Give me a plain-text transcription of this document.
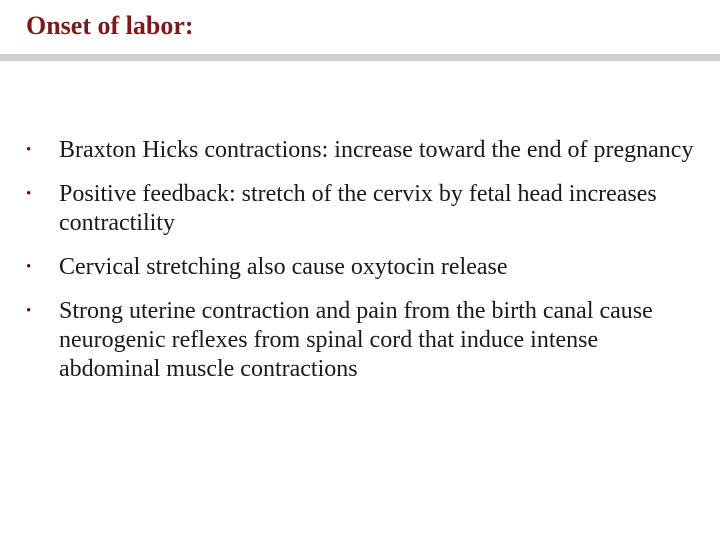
Onset of labor:
• Braxton Hicks contractions: increase toward the end of pregnancy
• Positive feedback: stretch of the cervix by fetal head increases contractility
• Cervical stretching also cause oxytocin release
• Strong uterine contraction and pain from the birth canal cause neurogenic reflexes from spinal cord that induce intense abdominal muscle contractions
